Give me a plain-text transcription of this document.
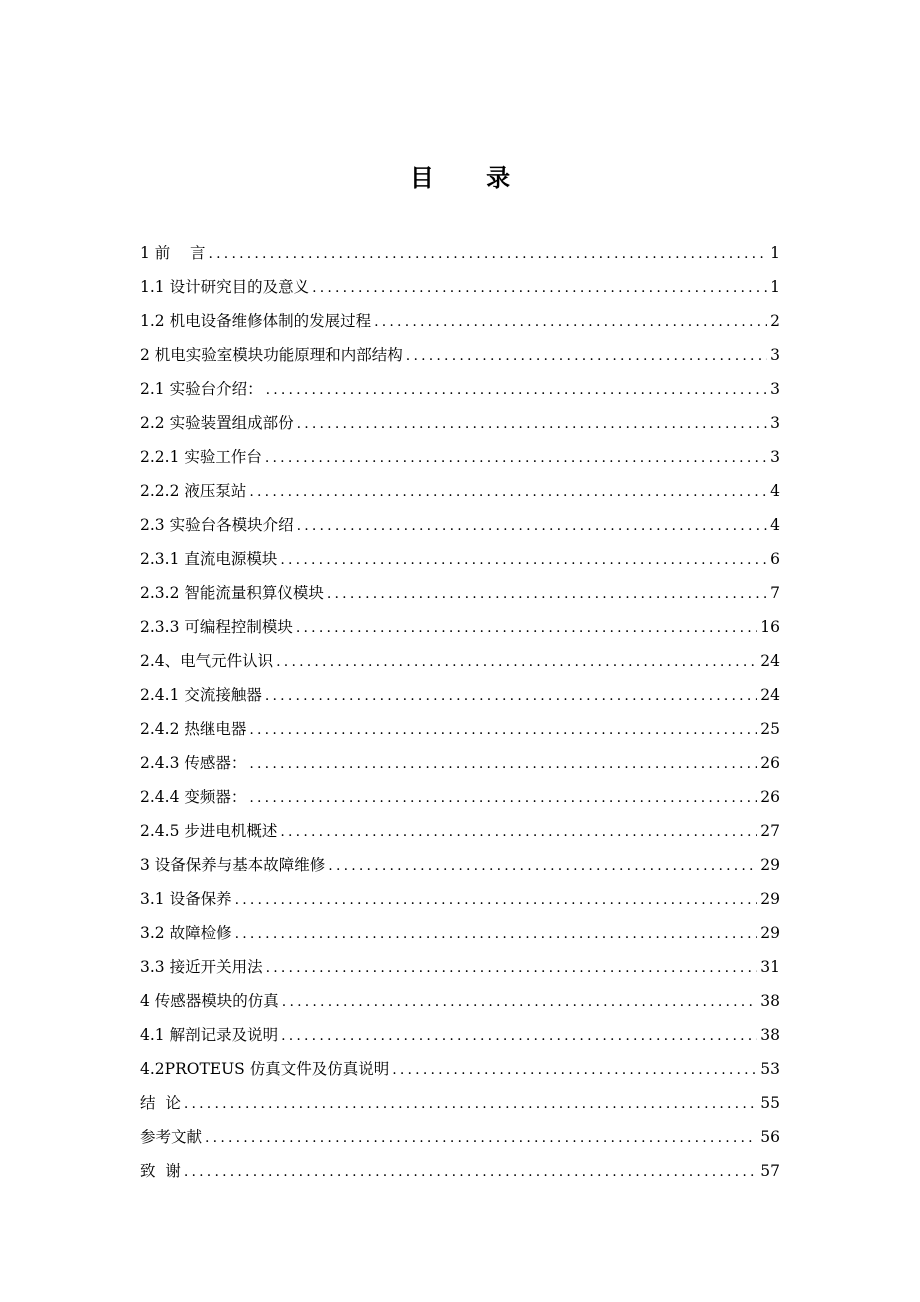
目 录
1 前    言 .....	1
1.1 设计研究目的及意义 .....	1
1.2 机电设备维修体制的发展过程 .....	2
2 机电实验室模块功能原理和内部结构 .....	3
2.1 实验台介绍： .....	3
2.2 实验装置组成部份 .....	3
2.2.1 实验工作台 .....	3
2.2.2 液压泵站 .....	4
2.3 实验台各模块介绍 .....	4
2.3.1 直流电源模块 .....	6
2.3.2 智能流量积算仪模块 .....	7
2.3.3 可编程控制模块 .....	16
2.4、电气元件认识 .....	24
2.4.1 交流接触器 .....	24
2.4.2 热继电器 .....	25
2.4.3 传感器： .....	26
2.4.4 变频器： .....	26
2.4.5 步进电机概述 .....	27
3 设备保养与基本故障维修 .....	29
3.1 设备保养 .....	29
3.2 故障检修 .....	29
3.3 接近开关用法 .....	31
4 传感器模块的仿真 .....	38
4.1 解剖记录及说明 .....	38
4.2PROTEUS 仿真文件及仿真说明 .....	53
结  论 .....	55
参考文献 .....	56
致  谢 .....	57
